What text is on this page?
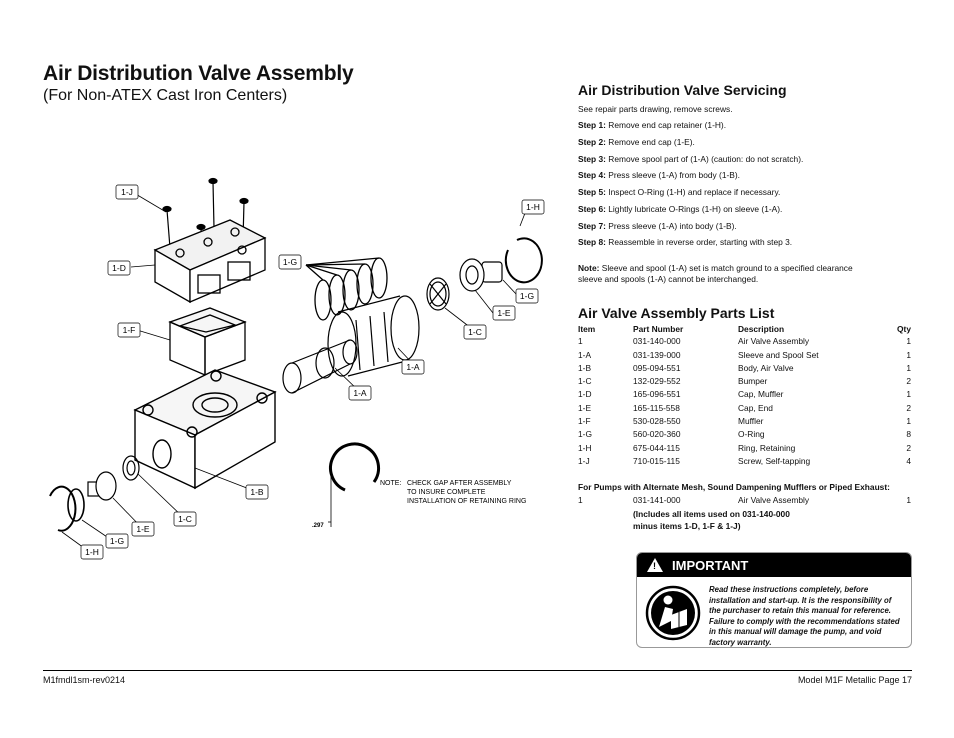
Air Distribution Valve Assembly
(For Non-ATEX Cast Iron Centers)
1-J
1-H
1-D
1-G
1-G
1-E
1-F	1-C
1-A
1-A
1-B
1-C
1-E
1-G
1-H
NOTE: CHECK GAP AFTER ASSEMBLY
TO INSURE COMPLETE
INSTALLATION OF RETAINING RING
.297
Air Distribution Valve Servicing
See repair parts drawing, remove screws.
Step 1: Remove end cap retainer (1-H).
Step 2: Remove end cap (1-E).
Step 3: Remove spool part of (1-A) (caution: do not scratch).
Step 4: Press sleeve (1-A) from body (1-B).
Step 5: Inspect O-Ring (1-H) and replace if necessary.
Step 6: Lightly lubricate O-Rings (1-H) on sleeve (1-A).
Step 7: Press sleeve (1-A) into body (1-B).
Step 8: Reassemble in reverse order, starting with step 3.
Note: Sleeve and spool (1-A) set is match ground to a specified clearance sleeve and spools (1-A) cannot be interchanged.
Air Valve Assembly Parts List
Item	Part Number	Description	Qty
1	031-140-000	Air Valve Assembly	1
1-A	031-139-000	Sleeve and Spool Set	1
1-B	095-094-551	Body, Air Valve	1
1-C	132-029-552	Bumper	2
1-D	165-096-551	Cap, Muffler	1
1-E	165-115-558	Cap, End	2
1-F	530-028-550	Muffler	1
1-G	560-020-360	O-Ring	8
1-H	675-044-115	Ring, Retaining	2
1-J	710-015-115	Screw, Self-tapping	4
For Pumps with Alternate Mesh, Sound Dampening Mufflers or Piped Exhaust:
1	031-141-000	Air Valve Assembly	1
(Includes all items used on 031-140-000
minus items 1-D, 1-F & 1-J)
! IMPORTANT
Read these instructions completely, before installation and start-up. It is the responsibility of the purchaser to retain this manual for reference. Failure to comply with the recommendations stated in this manual will damage the pump, and void factory warranty.
M1fmdl1sm-rev0214	Model M1F Metallic Page 17
